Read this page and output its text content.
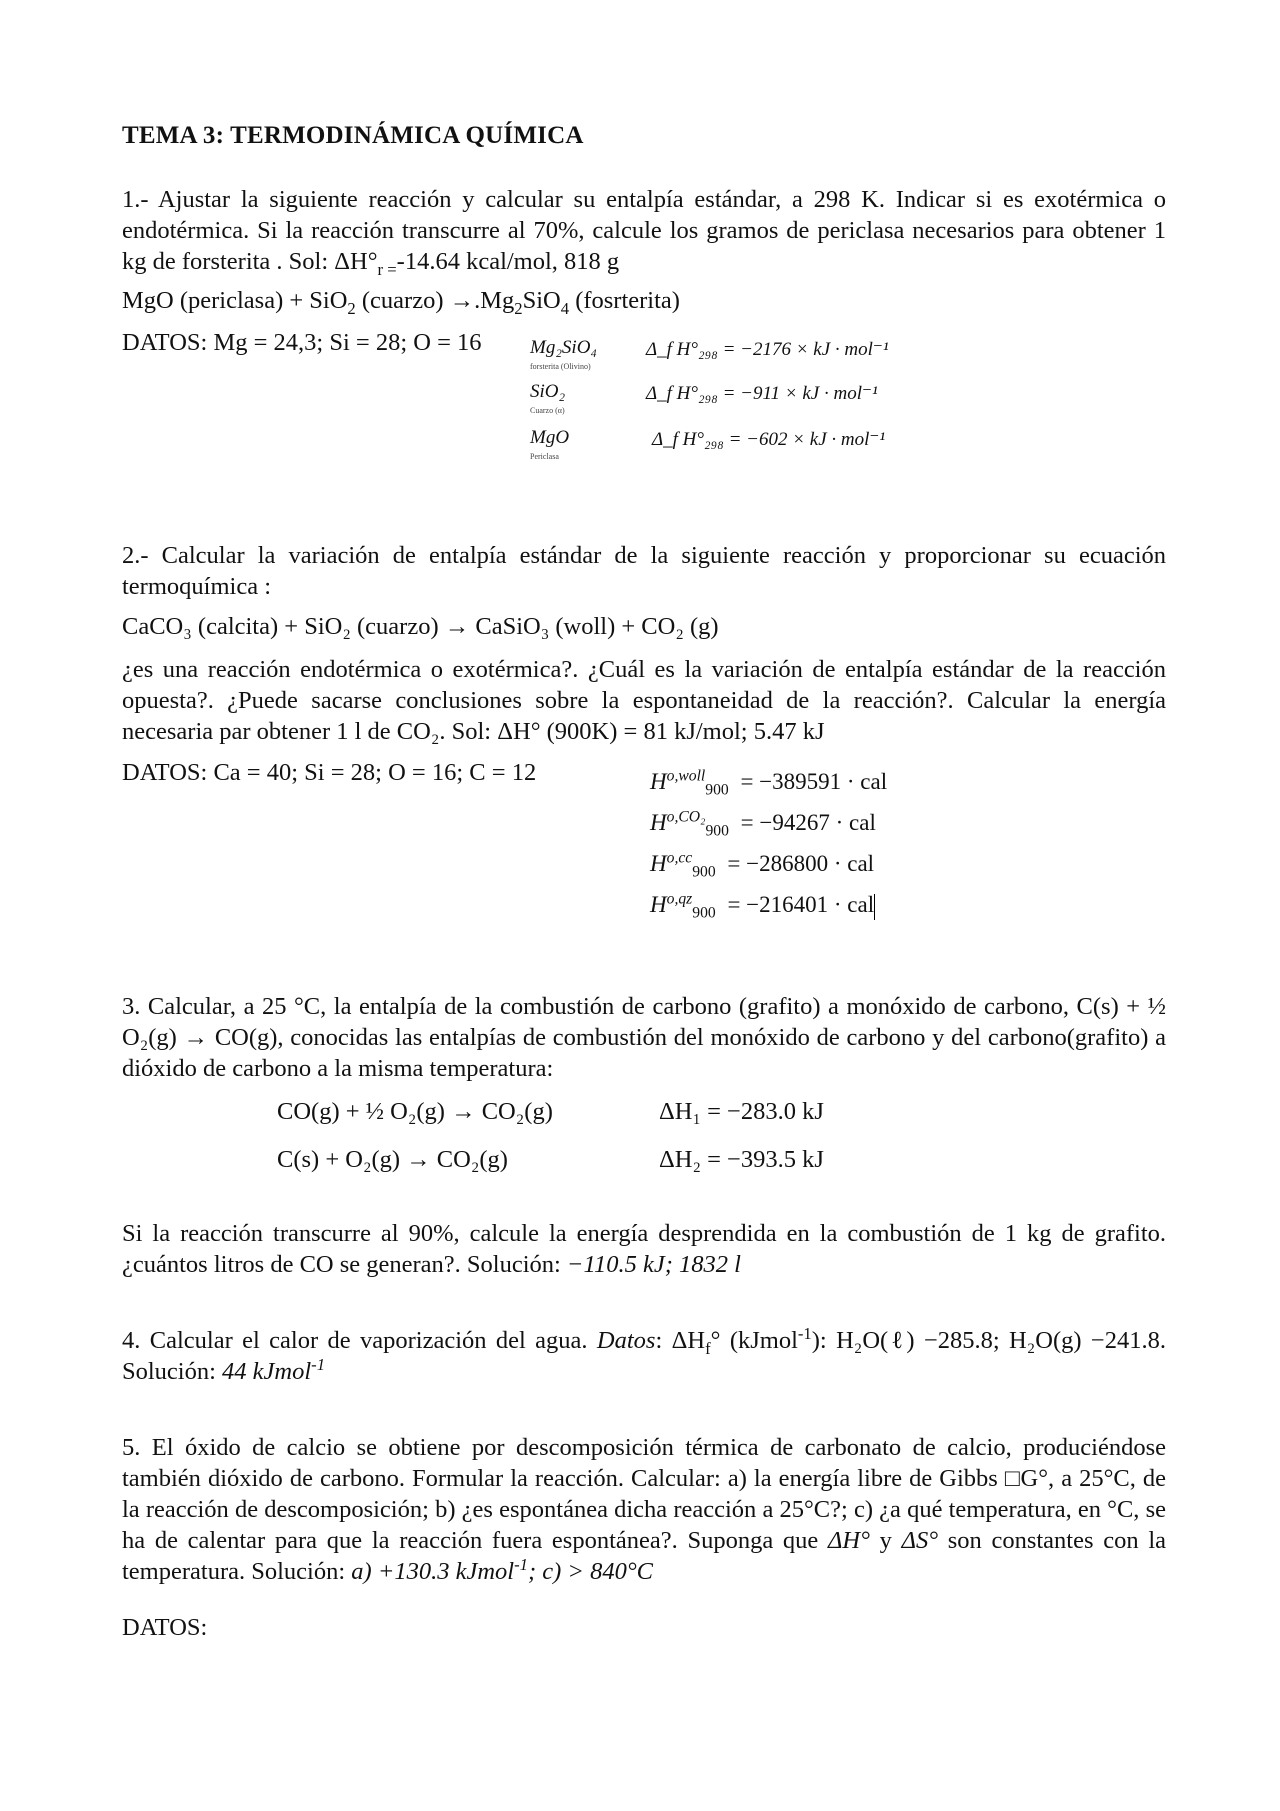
TEMA 3: TERMODINÁMICA QUÍMICA
1.- Ajustar la siguiente reacción y calcular su entalpía estándar, a 298 K. Indicar si es exotérmica o endotérmica. Si la reacción transcurre al 70%, calcule los gramos de periclasa necesarios para obtener 1 kg de forsterita . Sol: $\Delta H^\circ_{r =}-14.64$ kcal/mol, 818 g
MgO (periclasa) + SiO$_2$ (cuarzo) $\to.Mg_2SiO_4$ (fosrterita)
DATOS: Mg = 24,3; Si = 28; O = 16	Mg₂SiO₄
forsterita (Olivino)
Δ_f H°₂₉₈ = −2176 × kJ · mol⁻¹
SiO₂
Cuarzo (α)
Δ_f H°₂₉₈ = −911 × kJ · mol⁻¹
MgO
Periclasa
Δ_f H°₂₉₈ = −602 × kJ · mol⁻¹
2.- Calcular la variación de entalpía estándar de la siguiente reacción y proporcionar su ecuación termoquímica :
CaCO₃ (calcita) + SiO₂ (cuarzo) → CaSiO₃ (woll) + CO₂ (g)
¿es una reacción endotérmica o exotérmica?. ¿Cuál es la variación de entalpía estándar de la reacción opuesta?. ¿Puede sacarse conclusiones sobre la espontaneidad de la reacción?. Calcular la energía necesaria par obtener 1 l de CO₂. Sol: ΔH° (900K) = 81 kJ/mol; 5.47 kJ
DATOS: Ca = 40; Si = 28; O = 16; C = 12	$H^{o,woll}_{900} = -389591$ · cal
$H^{o,CO_2}_{900} = -94267$ · cal
$H^{o,cc}_{900} = -286800$ · cal
$H^{o,qz}_{900} = -216401$ · cal
3. Calcular, a 25 °C, la entalpía de la combustión de carbono (grafito) a monóxido de carbono, C(s) + ½ O₂(g) → CO(g), conocidas las entalpías de combustión del monóxido de carbono y del carbono(grafito) a dióxido de carbono a la misma temperatura:
CO(g) + ½ O₂(g) → CO₂(g)	ΔH₁ = −283.0 kJ
C(s) + O₂(g) → CO₂(g)	ΔH₂ = −393.5 kJ
Si la reacción transcurre al 90%, calcule la energía desprendida en la combustión de 1 kg de grafito. ¿cuántos litros de CO se generan?. Solución: −110.5 kJ; 1832 l
4. Calcular el calor de vaporización del agua. Datos: $\Delta H_f^\circ$ (kJmol$^{-1}$): H₂O(ℓ) −285.8; H₂O(g) −241.8. Solución: 44 kJmol$^{-1}$
5. El óxido de calcio se obtiene por descomposición térmica de carbonato de calcio, produciéndose también dióxido de carbono. Formular la reacción. Calcular: a) la energía libre de Gibbs □G°, a 25°C, de la reacción de descomposición; b) ¿es espontánea dicha reacción a 25°C?; c) ¿a qué temperatura, en °C, se ha de calentar para que la reacción fuera espontánea?. Suponga que ΔH° y ΔS° son constantes con la temperatura. Solución: a) +130.3 kJmol$^{-1}$; c) > 840°C
DATOS:
